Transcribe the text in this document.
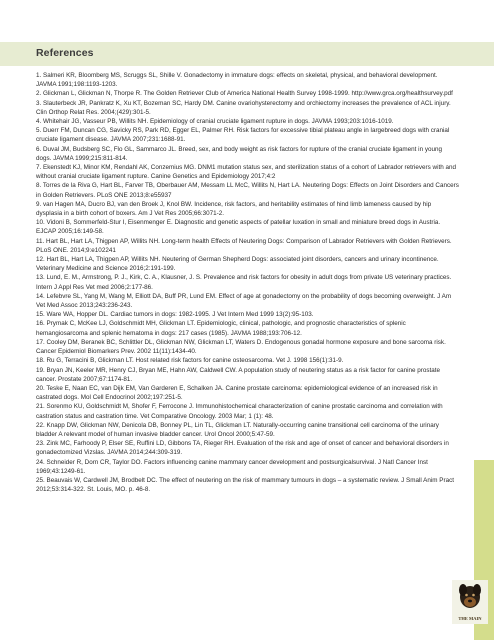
References

1. Salmeri KR, Bloomberg MS, Scruggs SL, Shille V. Gonadectomy in immature dogs: effects on skeletal, physical, and behavioral development. JAVMA 1991;198:1193-1203.

2. Glickman L, Glickman N, Thorpe R. The Golden Retriever Club of America National Health Survey 1998-1999. http://www.grca.org/healthsurvey.pdf

3. Slauterbeck JR, Pankratz K, Xu KT, Bozeman SC, Hardy DM. Canine ovariohysterectomy and orchiectomy increases the prevalence of ACL injury. Clin Orthop Relat Res. 2004;(429):301-5.

4. Whitehair JG, Vasseur PB, Willits NH. Epidemiology of cranial cruciate ligament rupture in dogs. JAVMA 1993;203:1016-1019.

5. Duerr FM, Duncan CG, Savicky RS, Park RD, Egger EL, Palmer RH. Risk factors for excessive tibial plateau angle in largebreed dogs with cranial cruciate ligament disease. JAVMA 2007;231:1688-91.

6. Duval JM, Budsberg SC, Flo GL, Sammarco JL. Breed, sex, and body weight as risk factors for rupture of the cranial cruciate ligament in young dogs. JAVMA 1999;215:811-814.

7. Ekenstedt KJ, Minor KM, Rendahl AK, Conzemius MG. DNM1 mutation status sex, and sterilization status of a cohort of Labrador retrievers with and without cranial cruciate ligament rupture. Canine Genetics and Epidemiology 2017;4:2

8. Torres de la Riva G, Hart BL, Farver TB, Oberbauer AM, Messam LL McC, Willits N, Hart LA. Neutering Dogs: Effects on Joint Disorders and Cancers in Golden Retrievers. PLoS ONE 2013;8:e55937

9. van Hagen MA, Ducro BJ, van den Broek J, Knol BW. Incidence, risk factors, and heritability estimates of hind limb lameness caused by hip dysplasia in a birth cohort of boxers. Am J Vet Res 2005;66:3071-2.

10. Vidoni B, Sommerfeld-Stur I, Eisenmenger E. Diagnostic and genetic aspects of patellar luxation in small and miniature breed dogs in Austria. EJCAP 2005;16:149-58.

11. Hart BL, Hart LA, Thigpen AP, Willits NH. Long-term health Effects of Neutering Dogs: Comparison of Labrador Retrievers with Golden Retrievers. PLoS ONE. 2014;9:e102241

12. Hart BL, Hart LA, Thigpen AP, Willits NH. Neutering of German Shepherd Dogs: associated joint disorders, cancers and urinary incontinence. Veterinary Medicine and Science 2016;2:191-199.

13. Lund, E. M., Armstrong, P. J., Kirk, C. A., Klausner, J. S. Prevalence and risk factors for obesity in adult dogs from private US veterinary practices. Intern J Appl Res Vet med 2006;2:177-86.

14. Lefebvre SL, Yang M, Wang M, Elliott DA, Buff PR, Lund EM. Effect of age at gonadectomy on the probability of dogs becoming overweight. J Am Vet Med Assoc 2013;243:236-243.

15. Ware WA, Hopper DL. Cardiac tumors in dogs: 1982-1995. J Vet Intern Med 1999 13(2):95-103.

16. Prymak C, McKee LJ, Goldschmidt MH, Glickman LT. Epidemiologic, clinical, pathologic, and prognostic characteristics of splenic hemangiosarcoma and splenic hematoma in dogs: 217 cases (1985). JAVMA 1988;193:706-12.

17. Cooley DM, Beranek BC, Schlittler DL, Glickman NW, Glickman LT, Waters D. Endogenous gonadal hormone exposure and bone sarcoma risk. Cancer Epidemiol Biomarkers Prev. 2002 11(11):1434-40.

18. Ru G, Terracini B, Glickman LT. Host related risk factors for canine osteosarcoma. Vet J. 1998 156(1):31-9.

19. Bryan JN, Keeler MR, Henry CJ, Bryan ME, Hahn AW, Caldwell CW. A population study of neutering status as a risk factor for canine prostate cancer. Prostate 2007;67:1174-81.

20. Teske E, Naan EC, van Dijk EM, Van Garderen E, Schalken JA. Canine prostate carcinoma: epidemiological evidence of an increased risk in castrated dogs. Mol Cell Endocrinol 2002;197:251-5.

21. Sorenmo KU, Goldschmidt M, Shofer F, Ferrocone J. Immunohistochemical characterization of canine prostatic carcinoma and correlation with castration status and castration time. Vet Comparative Oncology. 2003 Mar; 1 (1): 48.

22. Knapp DW, Glickman NW, Denicola DB, Bonney PL, Lin TL, Glickman LT. Naturally-occurring canine transitional cell carcinoma of the urinary bladder A relevant model of human invasive bladder cancer. Urol Oncol 2000;5:47-59.

23. Zink MC, Farhoody P, Elser SE, Ruffini LD, Gibbons TA, Rieger RH. Evaluation of the risk and age of onset of cancer and behavioral disorders in gonadectomized Vizslas. JAVMA 2014;244:309-319.

24. Schneider R, Dorn CR, Taylor DO. Factors influencing canine mammary cancer development and postsurgicalsurvival. J Natl Cancer Inst 1969;43:1249-61.

25. Beauvais W, Cardwell JM, Brodbelt DC. The effect of neutering on the risk of mammary tumours in dogs – a systematic review. J Small Anim Pract 2012;53:314-322. St. Louis, MO. p. 46-8.

THE MAIN
